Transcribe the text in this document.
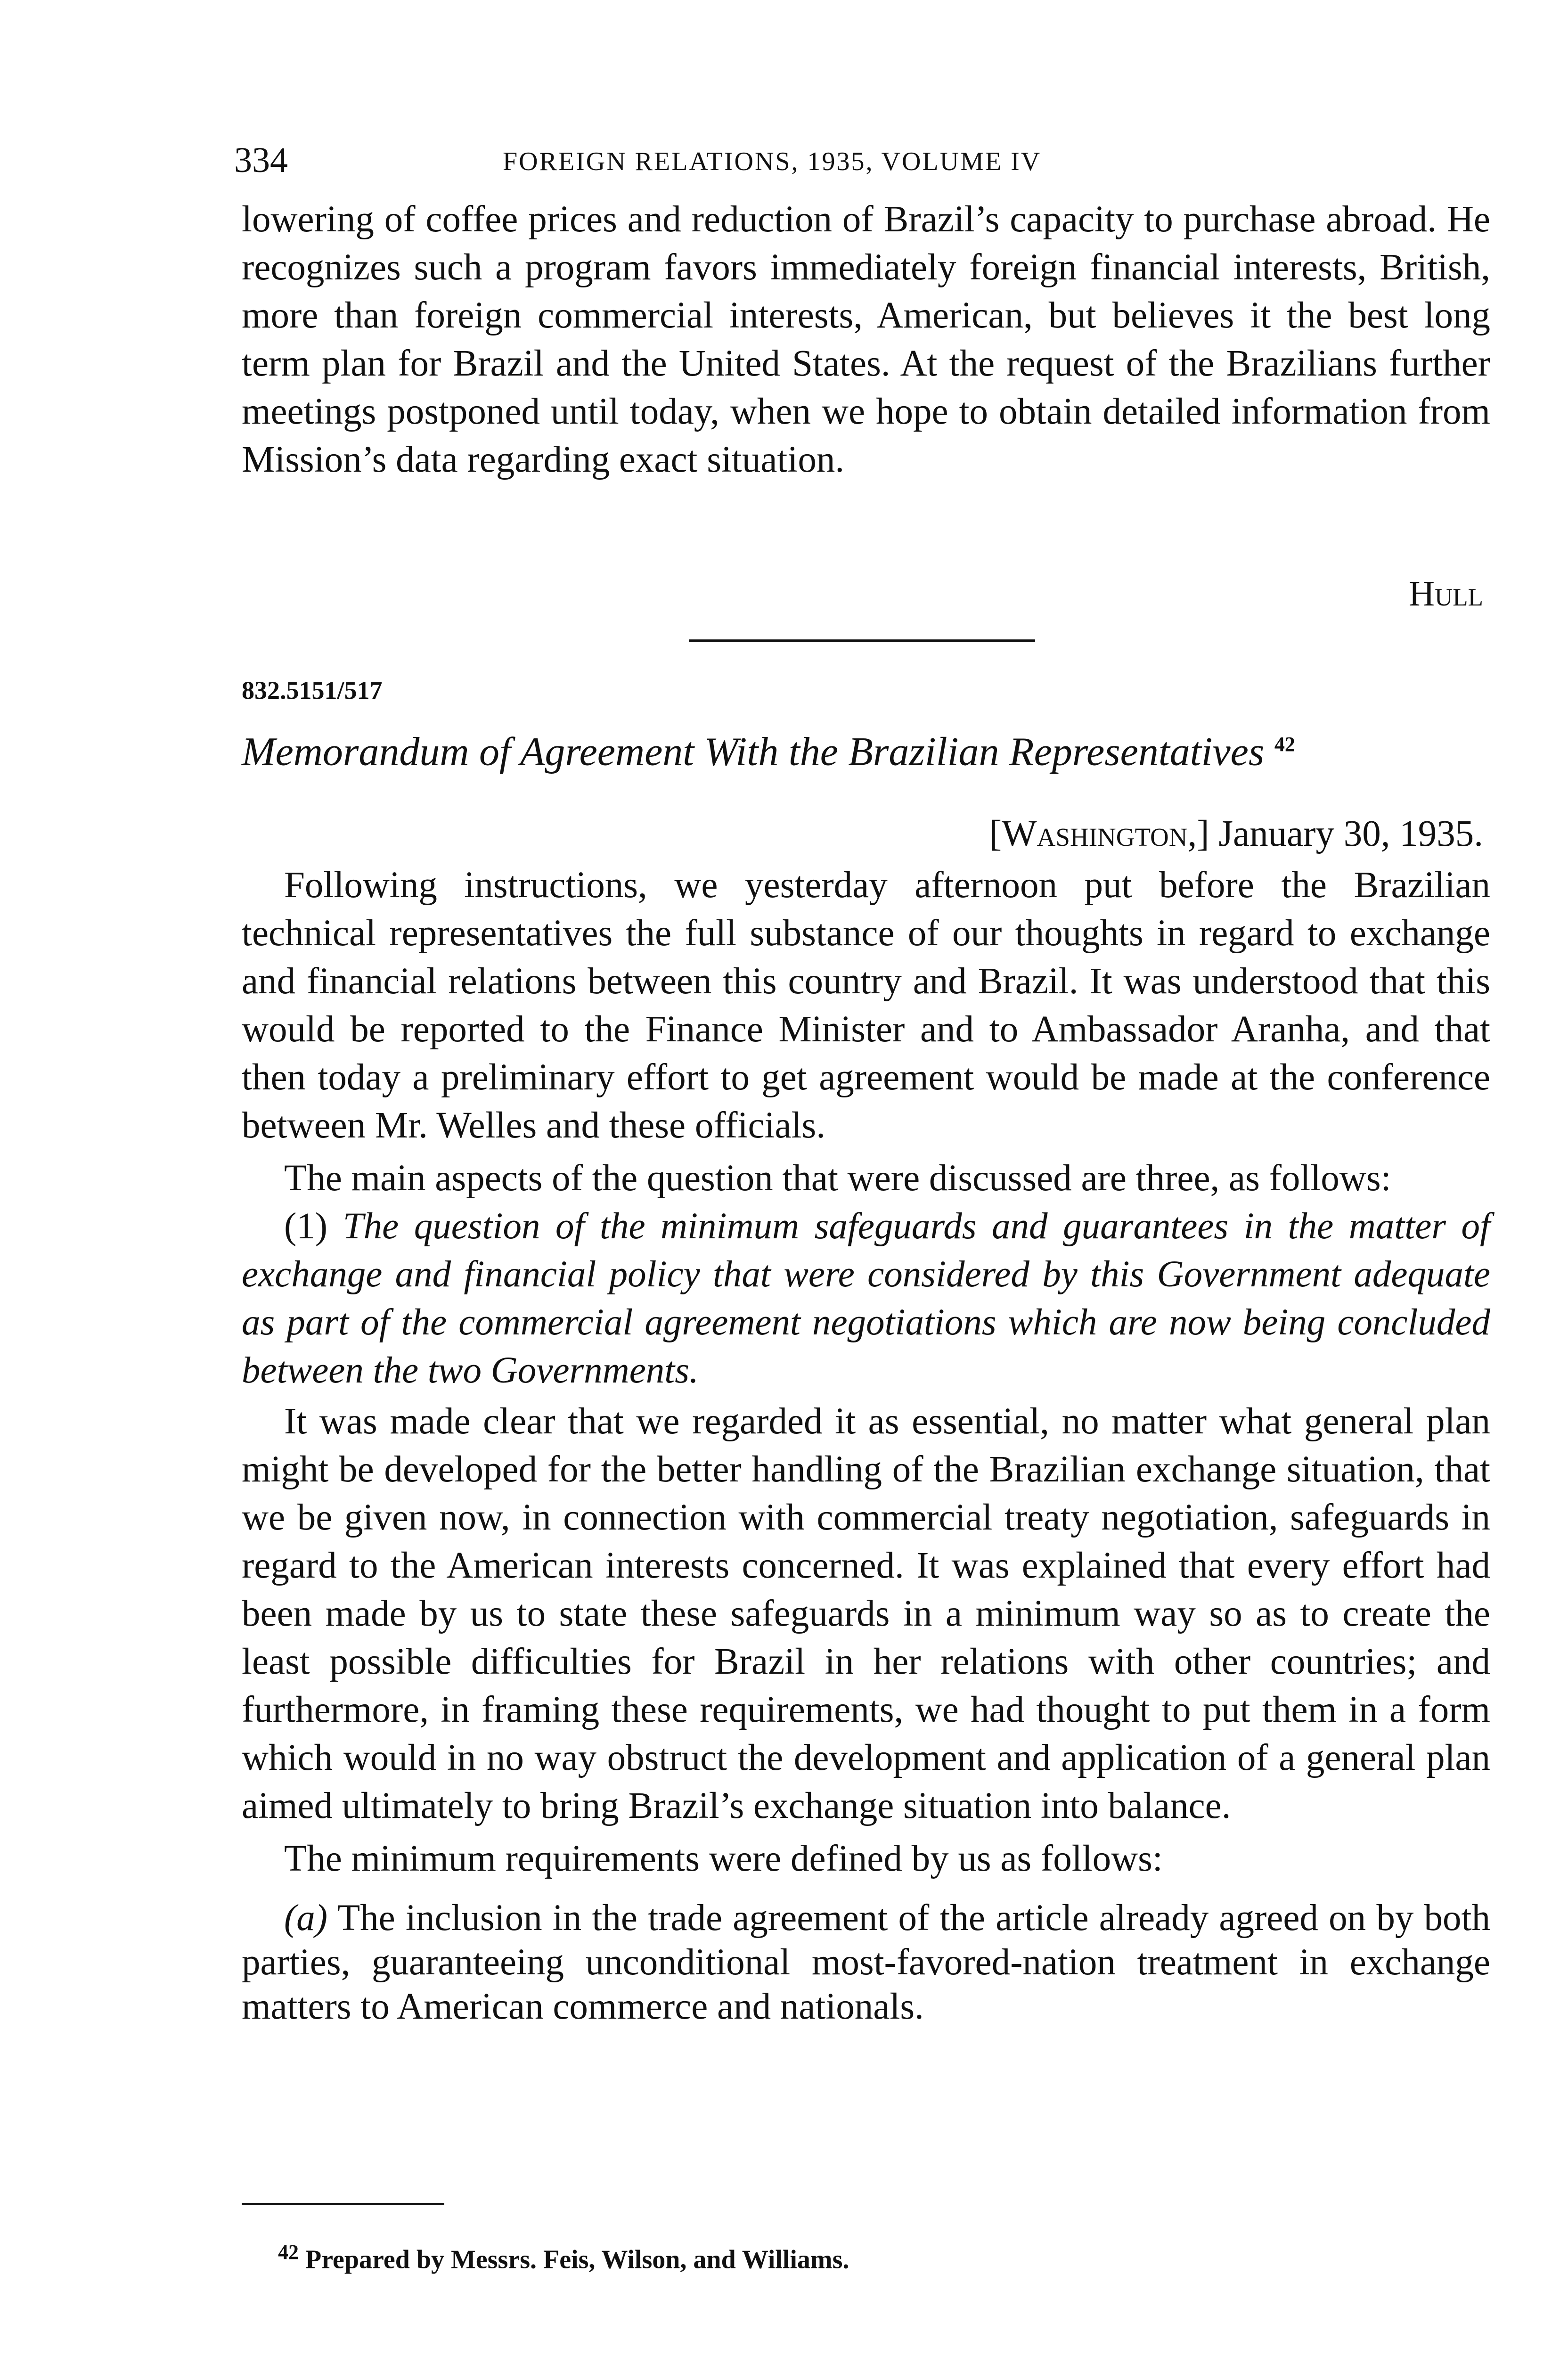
334	FOREIGN RELATIONS, 1935, VOLUME IV

lowering of coffee prices and reduction of Brazil’s capacity to purchase abroad. He recognizes such a program favors immediately foreign financial interests, British, more than foreign commercial interests, American, but believes it the best long term plan for Brazil and the United States. At the request of the Brazilians further meetings postponed until today, when we hope to obtain detailed information from Mission’s data regarding exact situation.

Hull
832.5151/517
Memorandum of Agreement With the Brazilian Representatives $^{42}$
[Washington,] January 30, 1935.

Following instructions, we yesterday afternoon put before the Brazilian technical representatives the full substance of our thoughts in regard to exchange and financial relations between this country and Brazil. It was understood that this would be reported to the Finance Minister and to Ambassador Aranha, and that then today a preliminary effort to get agreement would be made at the conference between Mr. Welles and these officials.

The main aspects of the question that were discussed are three, as follows:

(1) The question of the minimum safeguards and guarantees in the matter of exchange and financial policy that were considered by this Government adequate as part of the commercial agreement negotiations which are now being concluded between the two Governments.

It was made clear that we regarded it as essential, no matter what general plan might be developed for the better handling of the Brazilian exchange situation, that we be given now, in connection with commercial treaty negotiation, safeguards in regard to the American interests concerned. It was explained that every effort had been made by us to state these safeguards in a minimum way so as to create the least possible difficulties for Brazil in her relations with other countries; and furthermore, in framing these requirements, we had thought to put them in a form which would in no way obstruct the development and application of a general plan aimed ultimately to bring Brazil’s exchange situation into balance.

The minimum requirements were defined by us as follows:

(a) The inclusion in the trade agreement of the article already agreed on by both parties, guaranteeing unconditional most-favored-nation treatment in exchange matters to American commerce and nationals.

$^{42}$ Prepared by Messrs. Feis, Wilson, and Williams.
